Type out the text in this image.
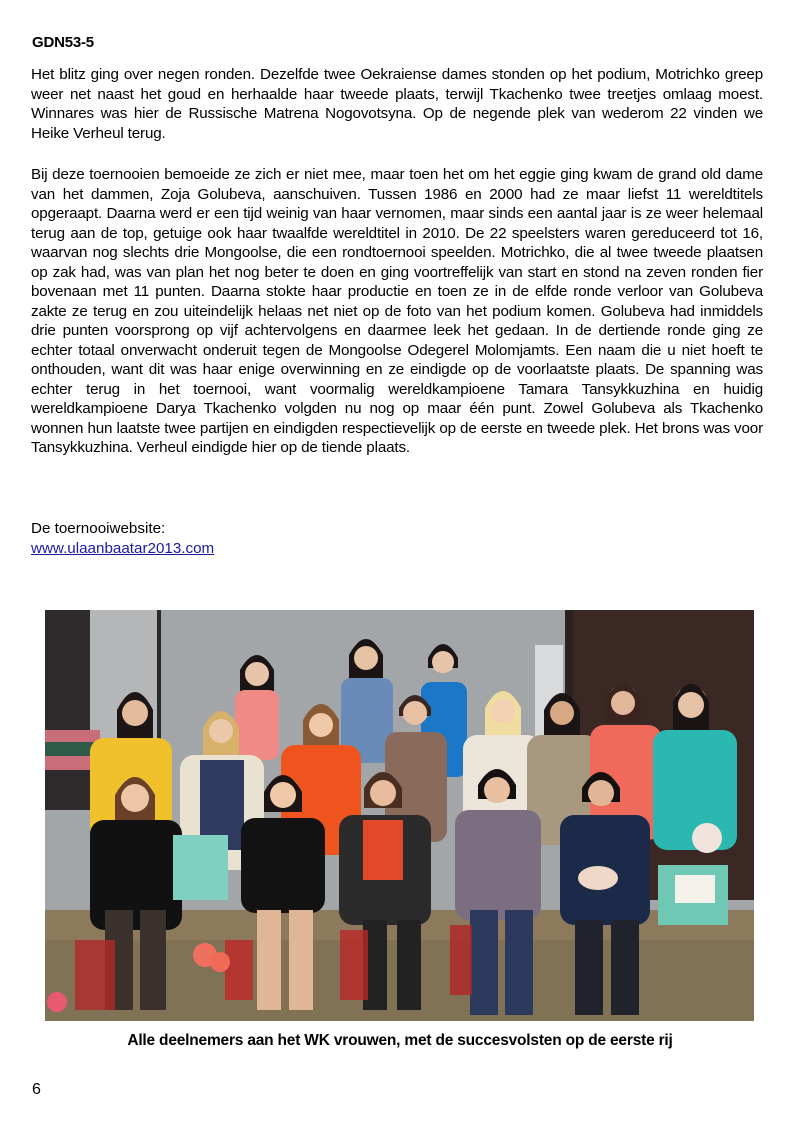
GDN53-5

Het blitz ging over negen ronden. Dezelfde twee Oekraiense dames stonden op het podium, Motrichko greep weer net naast het goud en herhaalde haar tweede plaats, terwijl Tkachenko twee treetjes omlaag moest. Winnares was hier de Russische Matrena Nogovotsyna. Op de negende plek van wederom 22 vinden we Heike Verheul terug.

Bij deze toernooien bemoeide ze zich er niet mee, maar toen het om het eggie ging kwam de grand old dame van het dammen, Zoja Golubeva, aanschuiven. Tussen 1986 en 2000 had ze maar liefst 11 wereldtitels opgeraapt. Daarna werd er een tijd weinig van haar vernomen, maar sinds een aantal jaar is ze weer helemaal terug aan de top, getuige ook haar twaalfde wereldtitel in 2010. De 22 speelsters waren gereduceerd tot 16, waarvan nog slechts drie Mongoolse, die een rondtoernooi speelden. Motrichko, die al twee tweede plaatsen op zak had, was van plan het nog beter te doen en ging voortreffelijk van start en stond na zeven ronden fier bovenaan met 11 punten. Daarna stokte haar productie en toen ze in de elfde ronde verloor van Golubeva zakte ze terug en zou uiteindelijk helaas net niet op de foto van het podium komen. Golubeva had inmiddels drie punten voorsprong op vijf achtervolgens en daarmee leek het gedaan. In de dertiende ronde ging ze echter totaal onverwacht onderuit tegen de Mongoolse Odegerel Molomjamts. Een naam die u niet hoeft te onthouden, want dit was haar enige overwinning en ze eindigde op de voorlaatste plaats. De spanning was echter terug in het toernooi, want voormalig wereldkampioene Tamara Tansykkuzhina en huidig wereldkampioene Darya Tkachenko volgden nu nog op maar één punt. Zowel Golubeva als Tkachenko wonnen hun laatste twee partijen en eindigden respectievelijk op de eerste en tweede plek. Het brons was voor Tansykkuzhina. Verheul eindigde hier op de tiende plaats.

De toernooiwebsite:
www.ulaanbaatar2013.com
Alle deelnemers aan het WK vrouwen, met de succesvolsten op de eerste rij
6
